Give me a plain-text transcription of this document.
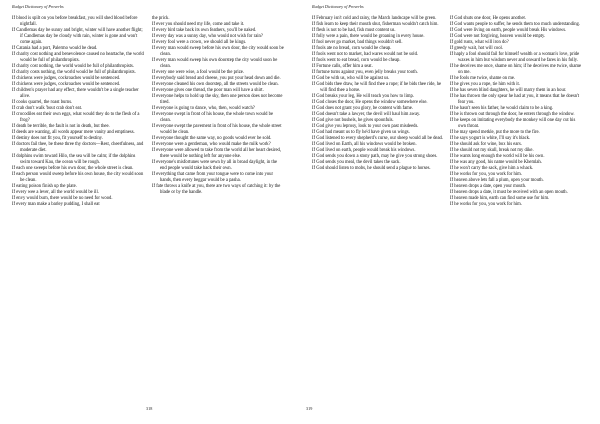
Rudget Dictionary of Proverbs

If blood is spilt on you before breakfast, you will shed blood before nightfall.

If Candlemas day be sunny and bright, winter will have another flight; if Candlemas day be cloudy with rain, winter is gone and won't come again.

If Catania had a port, Palermo would be dead.

If charity cost nothing and benevolence caused no heartache, the world would be full of philanthropists.

If charity cost nothing, the world would be full of philanthropists.

If charity costs nothing, the world would be full of philanthropists.

If chickens were judges, cockroaches would be sentenced.

If chickens were judges, cockroaches would be sentenced.

If children's prayer had any effect, there wouldn't be a single teacher alive.

If cooks quarrel, the roast burns.

If crab don't walk 'bout crab don't eat.

If crocodiles eat their own eggs, what would they do to the flesh of a frog?

If death be terrible, the fault is not in death, but thee.

If deeds are wanting, all words appear mere vanity and emptiness.

If destiny does not fit you, fit yourself to destiny.

If doctors fail thee, be these three thy doctors—Rest, cheerfulness, and moderate diet.

If dolphins swim toward Hilo, the sea will be calm; if the dolphins swim toward Kau, the ocean will be rough.

If each one sweeps before his own door, the whole street is clean.

If each person would sweep before his own house, the city would soon be clean.

If eating poison finish up the plate.

If every wee a lever, all the world would be ill.

If envy would burn, there would be no need for wood.

If every man make a barley pudding, I shall eat

the prick.

If ever you should need my life, come and take it.

If every bird take back its own feathers, you'll be naked.

If every day was a sunny day, who would not wish for rain?

If every fool were a crown, we should all be kings.

If every man would sweep before his own door, the city would soon be clean.

If every man would sweep his own doorstep the city would soon be clean.

If every one were wise, a fool would be the prize.

If everybody said bread and cheese, you put your head down and die.

If everyone cleaned his own doorstep, all the streets would be clean.

If everyone gives one thread, the poor man will have a shirt.

If everyone helps to hold up the sky, then one person does not become tired.

If everyone is going to dance, who, then, would watch?

If everyone swept in front of his house, the whole town would be clean.

If everyone swept the pavement in front of his house, the whole street would be clean.

If everyone thought the same way, no goods would ever be sold.

If everyone were a gentleman, who would make the milk work?

If everyone were allowed to take from the world all her heart desired, there would be nothing left for anyone else.

If everyone's misfortunes were sewn by all in broad daylight, in the end people would take back their own.

If everything that came from your tongue were to come into your hands, then every beggar would be a pasha.

If fate throws a knife at you, there are two ways of catching it: by the blade or by the handle.

318
Rudget Dictionary of Proverbs

If February isn't cold and rainy, the March landscape will be green.

If fish learn to keep their mouth shut, fisherman wouldn't catch him.

If flesh is not to be had, fish must content us.

If folly were a pain, there would be groaning in every house.

If fool never go market, bad things wouldn't sell.

If fools ate no bread, corn would be cheap.

If fools went not to market, bad wares would not be sold.

If fools went to eat bread, corn would be cheap.

If Fortune calls, offer him a seat.

If fortune turns against you, even jelly breaks your tooth.

If God be with us, who will be against us.

If God bids thee draw, he will find thee a rope; if he bids thee ride, he will find thee a horse.

If God breaks your leg, He will teach you how to limp.

If God closes the door, He opens the window somewhere else.

If God does not grant you glory, be content with fame.

If God doesn't take a lawyer, the devil will haul him away.

If God give not bushels, he gives spoonfuls.

If God give you leprosy, look to your own past misdeeds.

If God had meant us to fly he'd have given us wings.

If God listened to every shepherd's curse, our sheep would all be dead.

If God lived on Earth, all his windows would be broken.

If God lived on earth, people would break his windows.

If God sends you down a stony path, may he give you strong shoes.

If God sends you meal, the devil takes the sack.

If God should listen to mobs, he should send a plague to horses.

If God shuts one door, He opens another.

If God wants people to suffer, he sends them too much understanding.

If God were living on earth, people would break His windows.

If God were not forgiving, heaven would be empty.

If gold rusts, what will iron do?

If greedy wait, hot will cool.

If haply a fool should fail for himself wealth or a woman's love, pride waxes in him but wisdom never and onward he fares in his folly.

If he deceives me once, shame on him; if he deceives me twice, shame on me.

If he fools me twice, shame on me.

If he gives you a rope, tie him with it.

If he has seven blind daughters, he will marry them in an hour.

If he has thrown the only spear he had at you, it means that he doesn't fear you.

If he hasn't seen his father, he would claim to be a king.

If he is thrown out through the door, he enters through the window.

If he keeps on imitating everybody the monkey will one day cut his own throat.

If he may spend metkle, put the more to the fire.

If he says yogurt is white, I'll say it's black.

If he should ask for wine, box his ears.

If he should not my skull, break not my dike.

If he wants long enough the world will be his own.

If he was any good, his name would be Khemlah.

If he won't carry the sack, give him a whack.

If he works for you, you work for him.

If heaven above lets fall a plum, open your mouth.

If heaven drops a date, open your mouth.

If heaven drops a date, it must be received with an open mouth.

If heaven made him, earth can find some use for him.

If he works for you, you work for him.

319
